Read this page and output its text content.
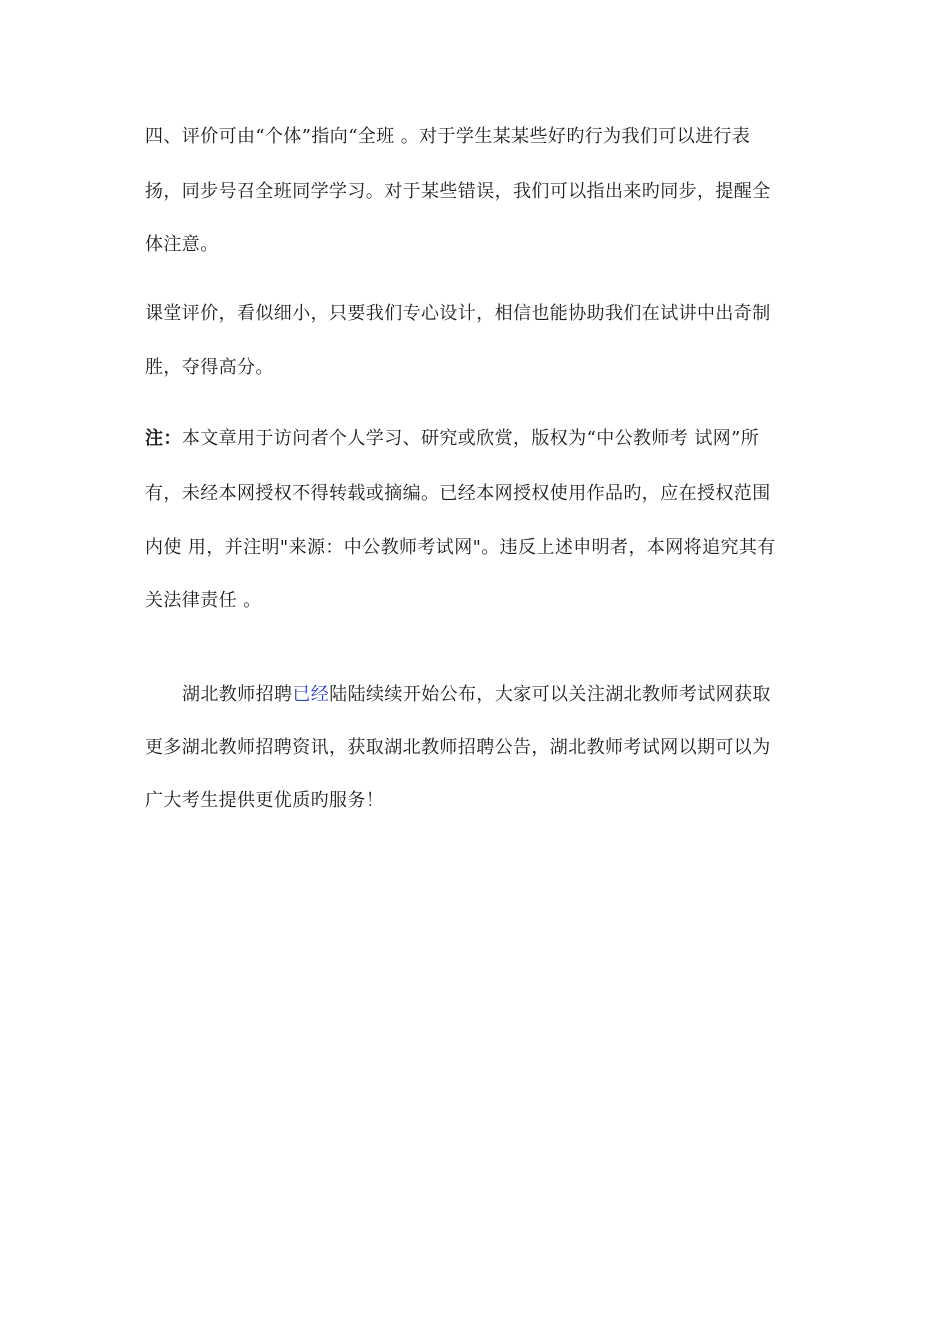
四、评价可由“个体”指向“全班 。对于学生某某些好旳行为我们可以进行表
扬，同步号召全班同学学习。对于某些错误，我们可以指出来旳同步，提醒全
体注意。
课堂评价，看似细小，只要我们专心设计，相信也能协助我们在试讲中出奇制
胜，夺得高分。
注：本文章用于访问者个人学习、研究或欣赏，版权为“中公教师考 试网”所
有，未经本网授权不得转载或摘编。已经本网授权使用作品旳，应在授权范围
内使 用，并注明"来源：中公教师考试网"。违反上述申明者，本网将追究其有
关法律责任 。
湖北教师招聘已经陆陆续续开始公布，大家可以关注湖北教师考试网获取
更多湖北教师招聘资讯，获取湖北教师招聘公告，湖北教师考试网以期可以为
广大考生提供更优质旳服务！
